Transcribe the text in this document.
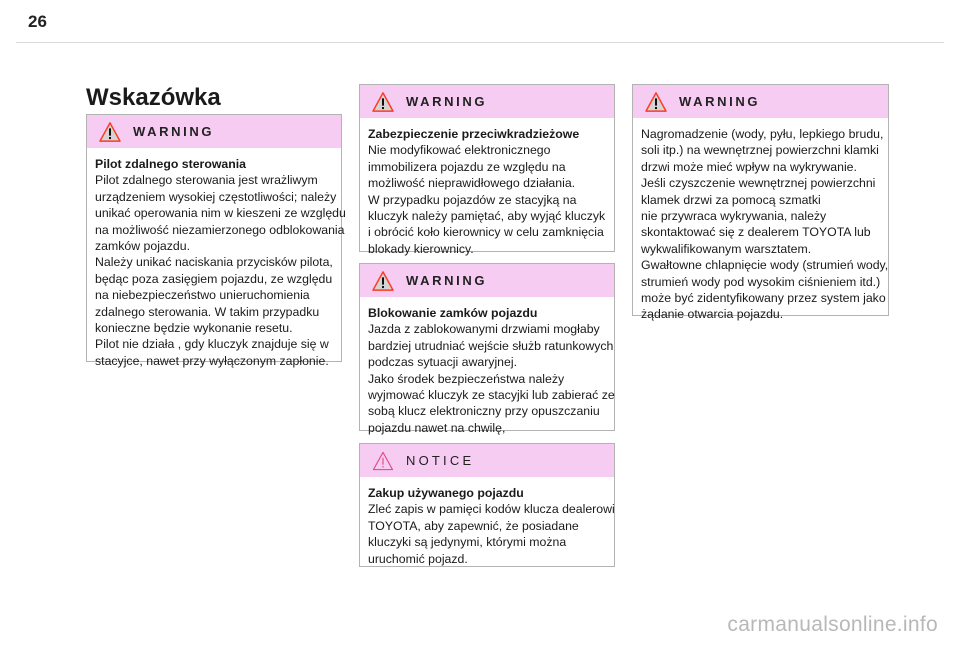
26
Wskazówka
WARNING
Pilot zdalnego sterowania
Pilot zdalnego sterowania jest wrażliwym
urządzeniem wysokiej częstotliwości; należy
unikać operowania nim w kieszeni ze względu
na możliwość niezamierzonego odblokowania
zamków pojazdu.
Należy unikać naciskania przycisków pilota,
będąc poza zasięgiem pojazdu, ze względu
na niebezpieczeństwo unieruchomienia
zdalnego sterowania. W takim przypadku
konieczne będzie wykonanie resetu.
Pilot nie działa , gdy kluczyk znajduje się w
stacyjce, nawet przy wyłączonym zapłonie.
WARNING
Zabezpieczenie przeciwkradzieżowe
Nie modyfikować elektronicznego
immobilizera pojazdu ze względu na
możliwość nieprawidłowego działania.
W przypadku pojazdów ze stacyjką na
kluczyk należy pamiętać, aby wyjąć kluczyk
i obrócić koło kierownicy w celu zamknięcia
blokady kierownicy.
WARNING
Blokowanie zamków pojazdu
Jazda z zablokowanymi drzwiami mogłaby
bardziej utrudniać wejście służb ratunkowych
podczas sytuacji awaryjnej.
Jako środek bezpieczeństwa należy
wyjmować kluczyk ze stacyjki lub zabierać ze
sobą klucz elektroniczny przy opuszczaniu
pojazdu nawet na chwilę,
NOTICE
Zakup używanego pojazdu
Zleć zapis w pamięci kodów klucza dealerowi
TOYOTA, aby zapewnić, że posiadane
kluczyki są jedynymi, którymi można
uruchomić pojazd.
WARNING
Nagromadzenie (wody, pyłu, lepkiego brudu,
soli itp.) na wewnętrznej powierzchni klamki
drzwi może mieć wpływ na wykrywanie.
Jeśli czyszczenie wewnętrznej powierzchni
klamek drzwi za pomocą szmatki
nie przywraca wykrywania, należy
skontaktować się z dealerem TOYOTA lub
wykwalifikowanym warsztatem.
Gwałtowne chlapnięcie wody (strumień wody,
strumień wody pod wysokim ciśnieniem itd.)
może być zidentyfikowany przez system jako
żądanie otwarcia pojazdu.
carmanualsonline.info
